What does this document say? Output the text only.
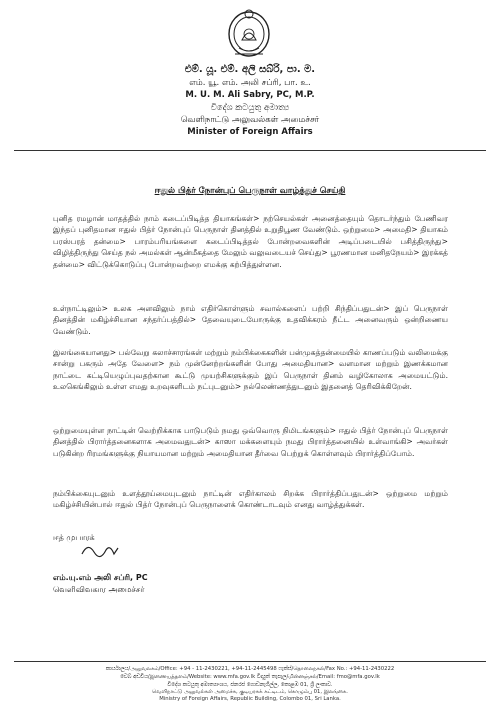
එම්. යූ. එම්. අලි සබ්රි, පා. ම.
எம். யூ. எம். அலி சப்ரி, பா. உ.
M. U. M. Ali Sabry, PC, M.P.
විදේශ කටයුතු අමාත්‍ය
வெளிநாட்டு அலுவல்கள் அமைச்சர்
Minister of Foreign Affairs
ஈதுல் பித்ர் நோன்புப் பெருநாள் வாழ்த்துச் செய்தி

புனித ரமழான் மாதத்தில் நாம் கடைப்பிடித்த தியாகங்கள்> நற்செயல்கள் அனைத்தையும் தொடர்ந்தும் பேணிவர இந்தப் புனிதமான ஈதுல் பித்ர் நோன்புப் பெருநாள் தினத்தில் உறுதிபூண வேண்டும். ஒற்றுமை> அமைதி> தியாகம் பரஸ்பரத் தன்மை> பாரம்பரியங்களை கடைப்பிடித்தல் போன்றவைகளின் அடிப்படையில் பசித்திருந்து> விழித்திருந்து செய்த நல் அமல்கள் ஆன்மீகத்தை மேலும் வலுவடையச் செய்து> பூரணமான மனிதநேயம்> இரக்கத் தன்மை> விட்டுக்கொடுப்பு போன்றவற்றை எமக்கு கற்பித்துள்ளன.

உள்நாட்டிலும்> உலக அளவிலும் நாம் எதிர்கொள்ளும் சவால்களைப் பற்றி சிந்திப்பதுடன்> இப் பெருநாள் தினத்தின் மகிழ்ச்சியான சந்தர்ப்பத்தில்> தேவையுடையோருக்கு உதவிக்கரம் நீட்ட அனைவரும் ஒன்றிணைய வேண்டும்.

இலங்கையானது> பல்வேறு கலாச்சாரங்கள் மற்றும் நம்பிக்கைகளின் பன்முகத்தன்மையில் காணப்படும் வலிமைக்கு சான்று பகரும் அதே வேளை> நம் முன்னேற்றங்களின் போது அமைதியான> வளமான மற்றும் இணக்கமான நாட்டை கட்டியெழுப்புவதற்கான கூட்டு முயற்சிகளுக்கும் இப் பெருநாள் தினம் வழிகோலாக அமையட்டும். உலகெங்கிலும் உள்ள எமது உறவுகளிடம் நட்புடனும்> நல்லெண்ணத்துடனும் இதனைத் தெரிவிக்கிறேன்.

ஒற்றுமையுள்ள நாட்டின் வெற்றிக்காக பாடுபடும் நமது ஒவ்வொரு நிமிடங்களும்> ஈதுல் பித்ர் நோன்புப் பெருநாள் தினத்தில் பிரார்த்தனைகளாக அமைவதுடன்> காஸா மக்களையும் நமது பிரார்த்தனையில் உள்வாங்கி> அவர்கள் படுகின்ற ரிரமங்களுக்கு நியாயமான மற்றும் அமைதியான தீர்வை பெற்றுக் கொள்ளவும் பிரார்த்திப்போம்.

நம்பிக்கையுடனும் உளத்தூய்மையுடனும் நாட்டின் எதிர்காலம் சிறக்க பிரார்த்திப்பதுடன்> ஒற்றுமை மற்றும் மகிழ்ச்சியின்பால் ஈதுல் பித்ர் நோன்புப் பெருநாளைக் கொண்டாடவும் எனது வாழ்த்துக்கள்.

ஈத் முபாரக்
எம்.யு.எம் அலி சப்ரி, PC
வெளிவிவகார அமைச்சர்
කාර්යාලය/அலுவலகம்/Office: +94 - 11-2430221, +94-11-2445498 ෆැක්ස්/தொலைநகல்/Fax No.: +94-11-2430222
වෙබ් අඩවිය/இணையத்தளம்/Website: www.mfa.gov.lk විද්‍යුත් තැපෑල/மின்னஞ்சல்/Email: fmo@mfa.gov.lk
විදේශ කටයුතු අමාත්‍යාංශය, ජනරජ ගොඩනැගිල්ල, කොළඹ 01, ශ්‍රී ලංකාව.
வெளிநாட்டு அலுவல்கள் அமைச்சு, குடியரசுக் கட்டிடம், கொழும்பு 01, இலங்கை.
Ministry of Foreign Affairs, Republic Building, Colombo 01, Sri Lanka.
